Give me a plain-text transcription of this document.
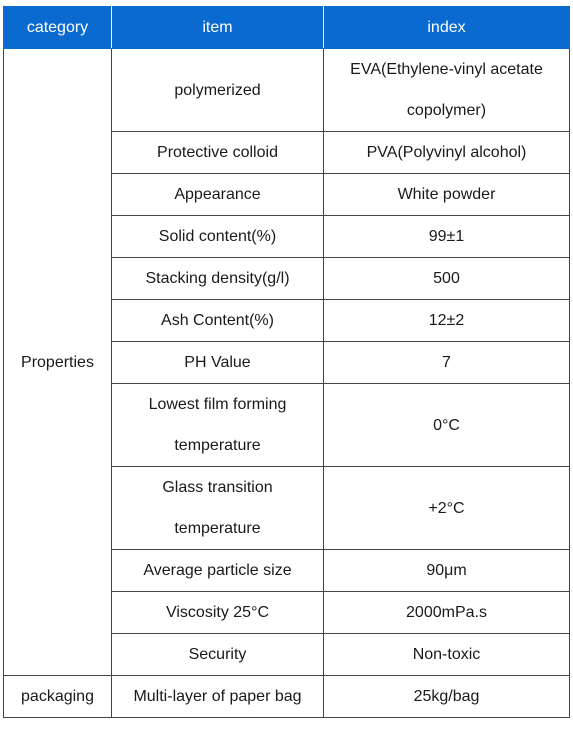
category	item	index
Properties	polymerized	EVA(Ethylene-vinyl acetate
copolymer)

	Protective colloid	PVA(Polyvinyl alcohol)
	Appearance	White powder
	Solid content(%)	99±1
	Stacking density(g/l)	500
	Ash Content(%)	12±2
	PH Value	7

	Lowest film forming
temperature	0°C

	Glass transition
temperature	+2°C
	Average particle size	90μm
	Viscosity 25°C	2000mPa.s
	Security	Non-toxic
packaging	Multi-layer of paper bag	25kg/bag
